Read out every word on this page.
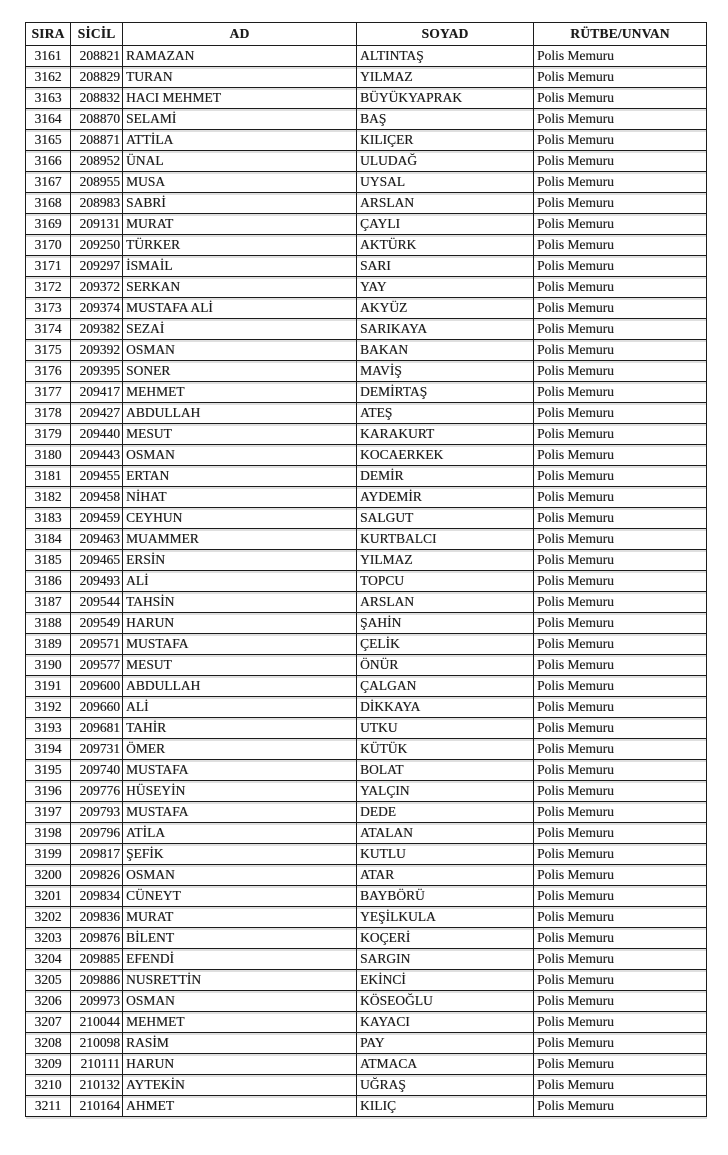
SIRA	SİCİL	AD	SOYAD	RÜTBE/UNVAN
3161	208821	RAMAZAN	ALTINTAŞ	Polis Memuru
3162	208829	TURAN	YILMAZ	Polis Memuru
3163	208832	HACI MEHMET	BÜYÜKYAPRAK	Polis Memuru
3164	208870	SELAMİ	BAŞ	Polis Memuru
3165	208871	ATTİLA	KILIÇER	Polis Memuru
3166	208952	ÜNAL	ULUDAĞ	Polis Memuru
3167	208955	MUSA	UYSAL	Polis Memuru
3168	208983	SABRİ	ARSLAN	Polis Memuru
3169	209131	MURAT	ÇAYLI	Polis Memuru
3170	209250	TÜRKER	AKTÜRK	Polis Memuru
3171	209297	İSMAİL	SARI	Polis Memuru
3172	209372	SERKAN	YAY	Polis Memuru
3173	209374	MUSTAFA ALİ	AKYÜZ	Polis Memuru
3174	209382	SEZAİ	SARIKAYA	Polis Memuru
3175	209392	OSMAN	BAKAN	Polis Memuru
3176	209395	SONER	MAVİŞ	Polis Memuru
3177	209417	MEHMET	DEMİRTAŞ	Polis Memuru
3178	209427	ABDULLAH	ATEŞ	Polis Memuru
3179	209440	MESUT	KARAKURT	Polis Memuru
3180	209443	OSMAN	KOCAERKEK	Polis Memuru
3181	209455	ERTAN	DEMİR	Polis Memuru
3182	209458	NİHAT	AYDEMİR	Polis Memuru
3183	209459	CEYHUN	SALGUT	Polis Memuru
3184	209463	MUAMMER	KURTBALCI	Polis Memuru
3185	209465	ERSİN	YILMAZ	Polis Memuru
3186	209493	ALİ	TOPCU	Polis Memuru
3187	209544	TAHSİN	ARSLAN	Polis Memuru
3188	209549	HARUN	ŞAHİN	Polis Memuru
3189	209571	MUSTAFA	ÇELİK	Polis Memuru
3190	209577	MESUT	ÖNÜR	Polis Memuru
3191	209600	ABDULLAH	ÇALGAN	Polis Memuru
3192	209660	ALİ	DİKKAYA	Polis Memuru
3193	209681	TAHİR	UTKU	Polis Memuru
3194	209731	ÖMER	KÜTÜK	Polis Memuru
3195	209740	MUSTAFA	BOLAT	Polis Memuru
3196	209776	HÜSEYİN	YALÇIN	Polis Memuru
3197	209793	MUSTAFA	DEDE	Polis Memuru
3198	209796	ATİLA	ATALAN	Polis Memuru
3199	209817	ŞEFİK	KUTLU	Polis Memuru
3200	209826	OSMAN	ATAR	Polis Memuru
3201	209834	CÜNEYT	BAYBÖRÜ	Polis Memuru
3202	209836	MURAT	YEŞİLKULA	Polis Memuru
3203	209876	BİLENT	KOÇERİ	Polis Memuru
3204	209885	EFENDİ	SARGIN	Polis Memuru
3205	209886	NUSRETTİN	EKİNCİ	Polis Memuru
3206	209973	OSMAN	KÖSEOĞLU	Polis Memuru
3207	210044	MEHMET	KAYACI	Polis Memuru
3208	210098	RASİM	PAY	Polis Memuru
3209	210111	HARUN	ATMACA	Polis Memuru
3210	210132	AYTEKİN	UĞRAŞ	Polis Memuru
3211	210164	AHMET	KILIÇ	Polis Memuru
